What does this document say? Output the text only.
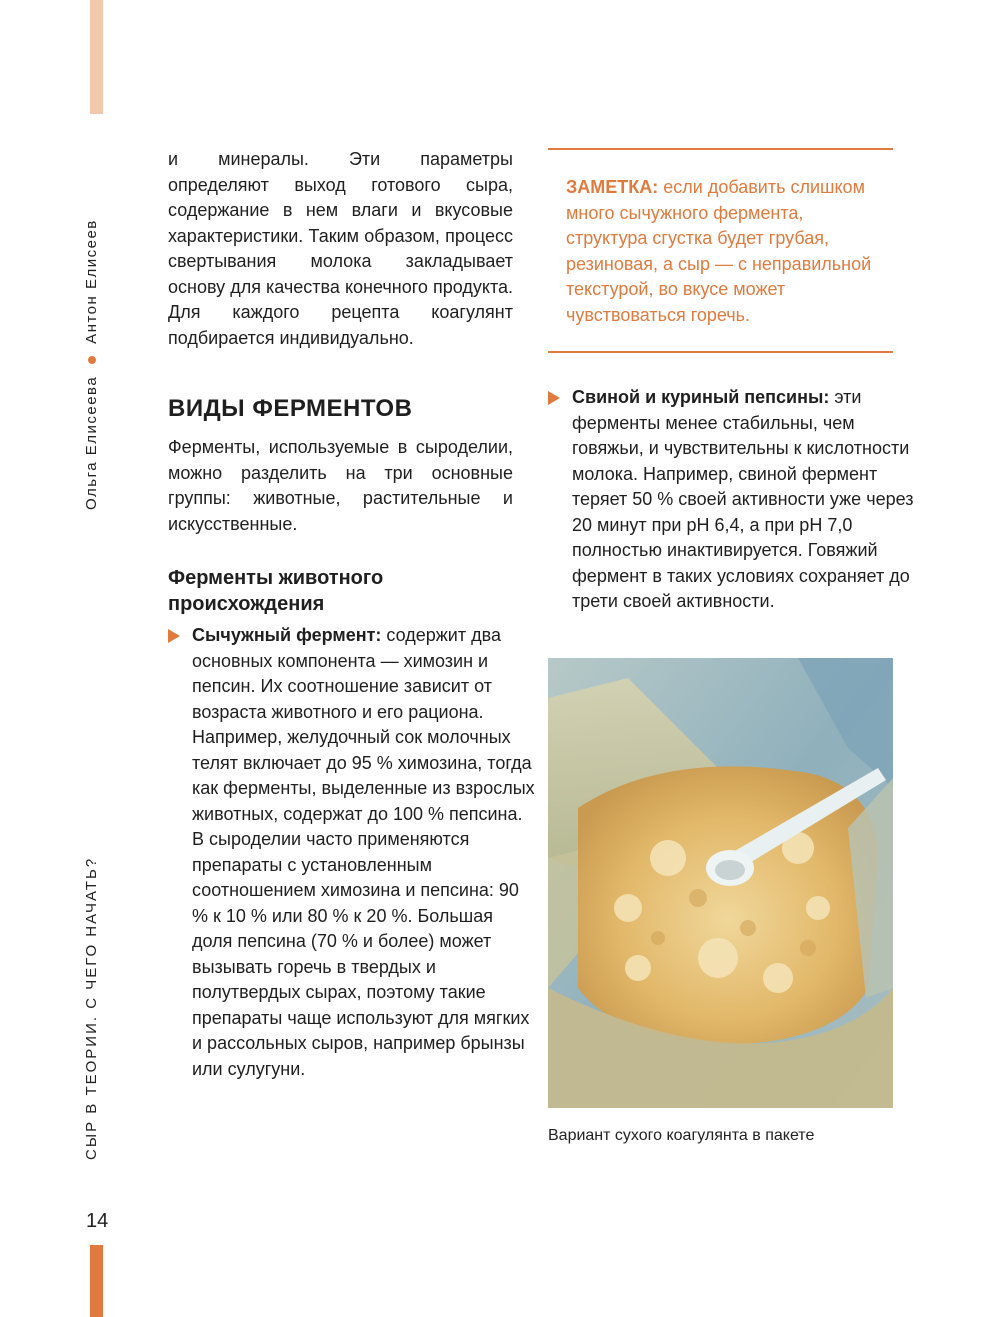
Ольга ЕлисееваАнтон Елисеев
СЫР В ТЕОРИИ. С ЧЕГО НАЧАТЬ?
14

и минералы. Эти параметры определяют выход готового сыра, содержание в нем влаги и вкусовые характеристики. Таким образом, процесс свертывания молока закладывает основу для качества конечного продукта. Для каждого рецепта коагулянт подбирается индивидуально.

ВИДЫ ФЕРМЕНТОВ

Ферменты, используемые в сыроделии, можно разделить на три основные группы: животные, растительные и искусственные.

Ферменты животного происхождения

Сычужный фермент: содержит два основных компонента — химозин и пепсин. Их соотношение зависит от возраста животного и его рациона. Например, желудочный сок молочных телят включает до 95 % химозина, тогда как ферменты, выделенные из взрослых животных, содержат до 100 % пепсина. В сыроделии часто применяются препараты с установленным соотношением химозина и пепсина: 90 % к 10 % или 80 % к 20 %. Большая доля пепсина (70 % и более) может вызывать горечь в твердых и полутвердых сырах, поэтому такие препараты чаще используют для мягких и рассольных сыров, например брынзы или сулугуни.

ЗАМЕТКА: если добавить слишком много сычужного фермента, структура сгустка будет грубая, резиновая, а сыр — с неправильной текстурой, во вкусе может чувствоваться горечь.

Свиной и куриный пепсины: эти ферменты менее стабильны, чем говяжьи, и чувствительны к кислотности молока. Например, свиной фермент теряет 50 % своей активности уже через 20 минут при pH 6,4, а при pH 7,0 полностью инактивируется. Говяжий фермент в таких условиях сохраняет до трети своей активности.

Вариант сухого коагулянта в пакете
